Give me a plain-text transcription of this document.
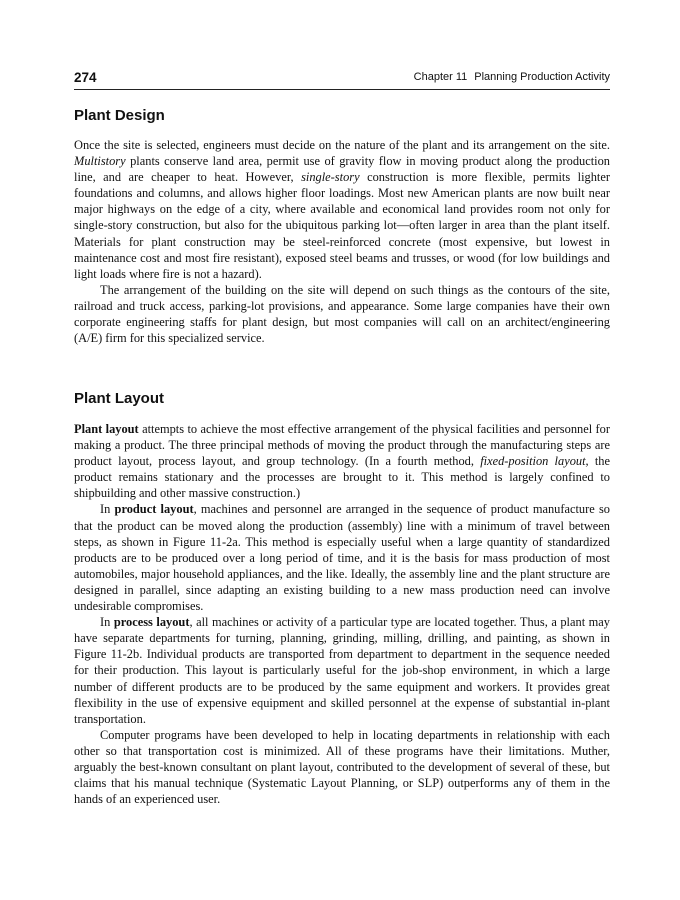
274	Chapter 11 Planning Production Activity
Plant Design

Once the site is selected, engineers must decide on the nature of the plant and its arrangement on the site. Multistory plants conserve land area, permit use of gravity flow in moving product along the production line, and are cheaper to heat. However, single-story construction is more flexible, permits lighter foundations and columns, and allows higher floor loadings. Most new American plants are now built near major highways on the edge of a city, where available and economical land provides room not only for single-story construction, but also for the ubiquitous parking lot—often larger in area than the plant itself. Materials for plant construction may be steel-reinforced concrete (most expensive, but lowest in maintenance cost and most fire resistant), exposed steel beams and trusses, or wood (for low buildings and light loads where fire is not a hazard).

The arrangement of the building on the site will depend on such things as the contours of the site, railroad and truck access, parking-lot provisions, and appearance. Some large companies have their own corporate engineering staffs for plant design, but most companies will call on an architect/engineering (A/E) firm for this specialized service.

Plant Layout

Plant layout attempts to achieve the most effective arrangement of the physical facilities and personnel for making a product. The three principal methods of moving the product through the manufacturing steps are product layout, process layout, and group technology. (In a fourth method, fixed-position layout, the product remains stationary and the processes are brought to it. This method is largely confined to shipbuilding and other massive construction.)

In product layout, machines and personnel are arranged in the sequence of product manufacture so that the product can be moved along the production (assembly) line with a minimum of travel between steps, as shown in Figure 11-2a. This method is especially useful when a large quantity of standardized products are to be produced over a long period of time, and it is the basis for mass production of most automobiles, major household appliances, and the like. Ideally, the assembly line and the plant structure are designed in parallel, since adapting an existing building to a new mass production need can involve undesirable compromises.

In process layout, all machines or activity of a particular type are located together. Thus, a plant may have separate departments for turning, planning, grinding, milling, drilling, and painting, as shown in Figure 11-2b. Individual products are transported from department to department in the sequence needed for their production. This layout is particularly useful for the job-shop environment, in which a large number of different products are to be produced by the same equipment and workers. It provides great flexibility in the use of expensive equipment and skilled personnel at the expense of substantial in-plant transportation.

Computer programs have been developed to help in locating departments in relationship with each other so that transportation cost is minimized. All of these programs have their limitations. Muther, arguably the best-known consultant on plant layout, contributed to the development of several of these, but claims that his manual technique (Systematic Layout Planning, or SLP) outperforms any of them in the hands of an experienced user.
